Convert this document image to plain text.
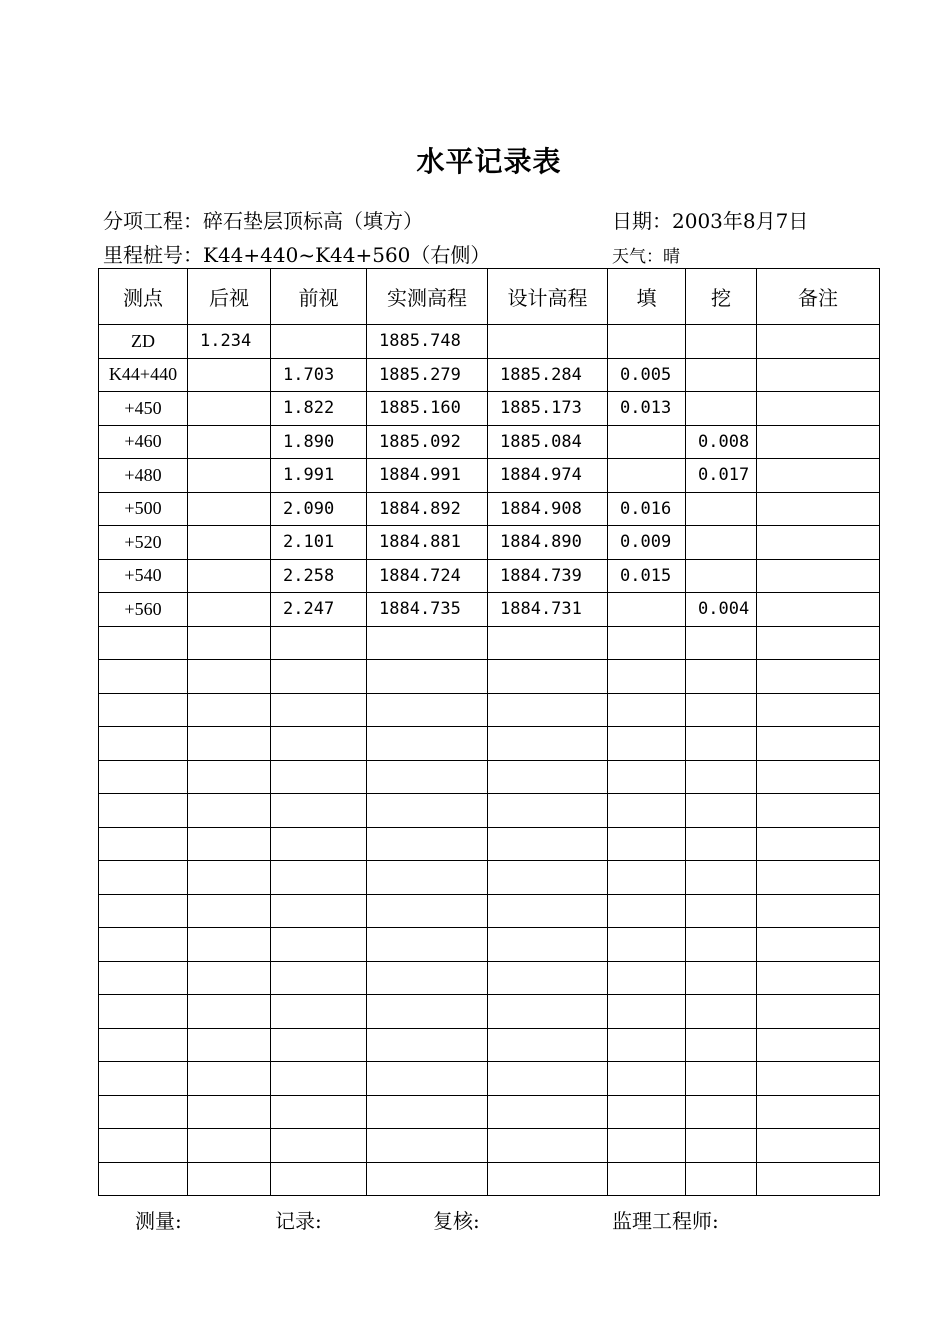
水平记录表
分项工程：碎石垫层顶标高（填方）	日期：2003年8月7日
里程桩号：K44+440~K44+560（右侧）	天气：晴
测点	后视	前视	实测高程	设计高程	填	挖	备注
ZD	1.234		1885.748				
K44+440		1.703	1885.279	1885.284	0.005		
+450		1.822	1885.160	1885.173	0.013		
+460		1.890	1885.092	1885.084		0.008	
+480		1.991	1884.991	1884.974		0.017	
+500		2.090	1884.892	1884.908	0.016		
+520		2.101	1884.881	1884.890	0.009		
+540		2.258	1884.724	1884.739	0.015		
+560		2.247	1884.735	1884.731		0.004	

测量:	记录:	复核:	监理工程师:
